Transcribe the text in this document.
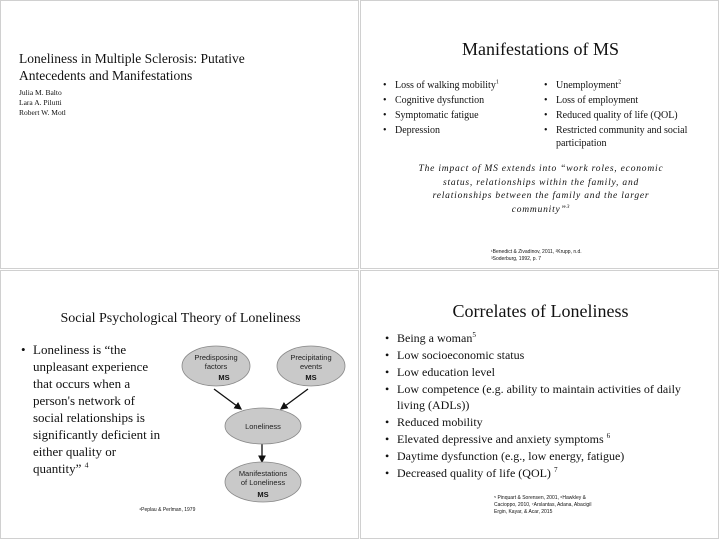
Loneliness in Multiple Sclerosis: Putative
Antecedents and Manifestations
Julia M. Balto
Lara A. Pilutti
Robert W. Motl
Manifestations of MS
• Loss of walking mobility$^1$
• Cognitive dysfunction
• Symptomatic fatigue
• Depression
• Unemployment$^2$
• Loss of employment
• Reduced quality of life (QOL)
• Restricted community and social participation
The impact of MS extends into “work roles, economic
status, relationships within the family, and
relationships between the family and the larger
community”$^3$
¹Benedict & Zivadinov, 2011, ²Krupp, n.d.
³Soderburg, 1992, p. 7
Social Psychological Theory of Loneliness
• Loneliness is “the
unpleasant experience
that occurs when a
person's network of
social relationships is
significantly deficient in
either quality or
quantity” $^4$
Predisposing
factors
MS
Precipitating
events
MS
Loneliness
Manifestations
of Loneliness
MS
⁴Peplau & Perlman, 1979
Correlates of Loneliness
• Being a woman$^5$
• Low socioeconomic status
• Low education level
• Low competence (e.g. ability to maintain activities of daily living (ADLs))
• Reduced mobility
• Elevated depressive and anxiety symptoms $^6$
• Daytime dysfunction (e.g., low energy, fatigue)
• Decreased quality of life (QOL) $^7$
⁵ Pinquart & Sorensen, 2001, ⁶Hawkley &
Cacioppo, 2010, ⁷Arslantas, Adana, Abacigil
Ergin, Kayar, & Acar, 2015
